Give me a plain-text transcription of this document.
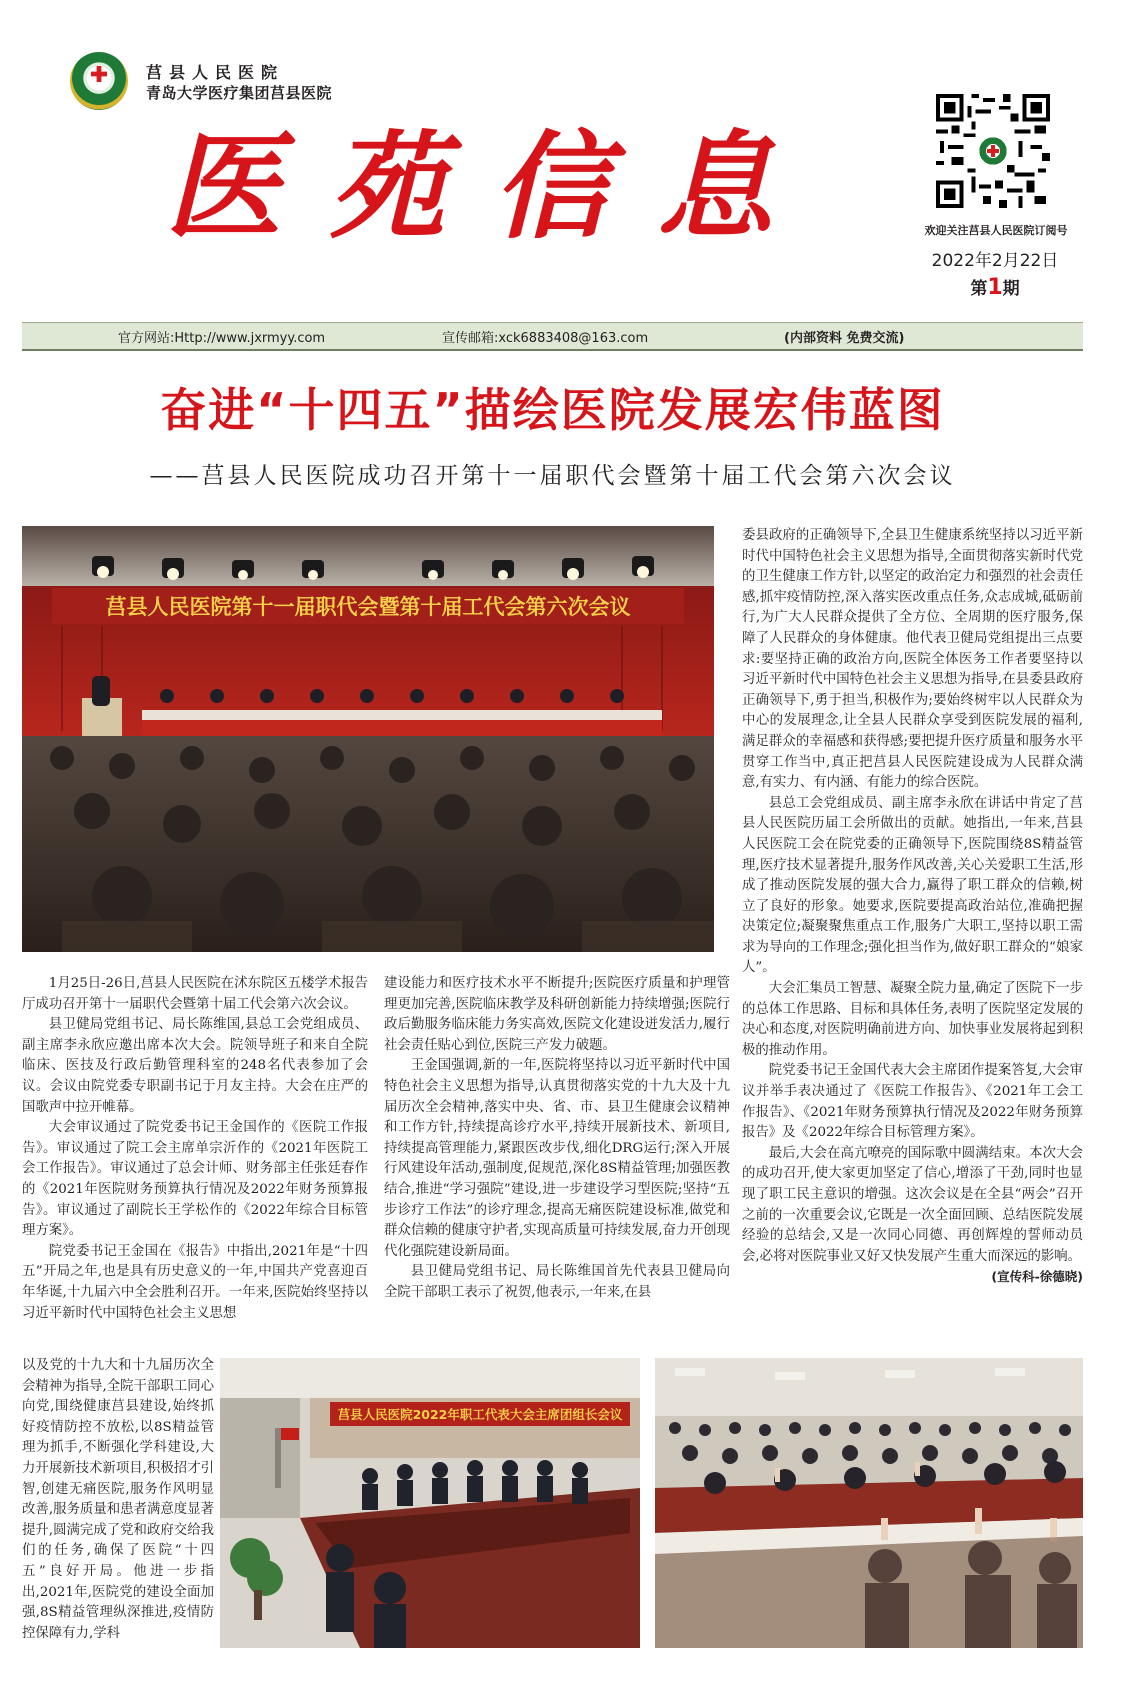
莒县人民医院
青岛大学医疗集团莒县医院
医苑信息	欢迎关注莒县人民医院订阅号
2022年2月22日
第1期
官方网站:Http://www.jxrmyy.com	宣传邮箱:xck6883408@163.com	(内部资料 免费交流)
奋进“十四五”描绘医院发展宏伟蓝图
——莒县人民医院成功召开第十一届职代会暨第十届工代会第六次会议
莒县人民医院第十一届职代会暨第十届工代会第六次会议

委县政府的正确领导下,全县卫生健康系统坚持以习近平新时代中国特色社会主义思想为指导,全面贯彻落实新时代党的卫生健康工作方针,以坚定的政治定力和强烈的社会责任感,抓牢疫情防控,深入落实医改重点任务,众志成城,砥砺前行,为广大人民群众提供了全方位、全周期的医疗服务,保障了人民群众的身体健康。他代表卫健局党组提出三点要求:要坚持正确的政治方向,医院全体医务工作者要坚持以习近平新时代中国特色社会主义思想为指导,在县委县政府正确领导下,勇于担当,积极作为;要始终树牢以人民群众为中心的发展理念,让全县人民群众享受到医院发展的福利,满足群众的幸福感和获得感;要把提升医疗质量和服务水平贯穿工作当中,真正把莒县人民医院建设成为人民群众满意,有实力、有内涵、有能力的综合医院。

县总工会党组成员、副主席李永欣在讲话中肯定了莒县人民医院历届工会所做出的贡献。她指出,一年来,莒县人民医院工会在院党委的正确领导下,医院围绕8S精益管理,医疗技术显著提升,服务作风改善,关心关爱职工生活,形成了推动医院发展的强大合力,赢得了职工群众的信赖,树立了良好的形象。她要求,医院要提高政治站位,准确把握决策定位;凝聚聚焦重点工作,服务广大职工,坚持以职工需求为导向的工作理念;强化担当作为,做好职工群众的“娘家人”。

大会汇集员工智慧、凝聚全院力量,确定了医院下一步的总体工作思路、目标和具体任务,表明了医院坚定发展的决心和态度,对医院明确前进方向、加快事业发展将起到积极的推动作用。

院党委书记王金国代表大会主席团作提案答复,大会审议并举手表决通过了《医院工作报告》、《2021年工会工作报告》、《2021年财务预算执行情况及2022年财务预算报告》及《2022年综合目标管理方案》。

最后,大会在高亢嘹亮的国际歌中圆满结束。本次大会的成功召开,使大家更加坚定了信心,增添了干劲,同时也显现了职工民主意识的增强。这次会议是在全县“两会”召开之前的一次重要会议,它既是一次全面回顾、总结医院发展经验的总结会,又是一次同心同德、再创辉煌的誓师动员会,必将对医院事业又好又快发展产生重大而深远的影响。

(宣传科-徐德晓)

1月25日-26日,莒县人民医院在沭东院区五楼学术报告厅成功召开第十一届职代会暨第十届工代会第六次会议。

县卫健局党组书记、局长陈维国,县总工会党组成员、副主席李永欣应邀出席本次大会。院领导班子和来自全院临床、医技及行政后勤管理科室的248名代表参加了会议。会议由院党委专职副书记于月友主持。大会在庄严的国歌声中拉开帷幕。

大会审议通过了院党委书记王金国作的《医院工作报告》。审议通过了院工会主席单宗沂作的《2021年医院工会工作报告》。审议通过了总会计师、财务部主任张廷春作的《2021年医院财务预算执行情况及2022年财务预算报告》。审议通过了副院长王学松作的《2022年综合目标管理方案》。

院党委书记王金国在《报告》中指出,2021年是“十四五”开局之年,也是具有历史意义的一年,中国共产党喜迎百年华诞,十九届六中全会胜利召开。一年来,医院始终坚持以习近平新时代中国特色社会主义思想

建设能力和医疗技术水平不断提升;医院医疗质量和护理管理更加完善,医院临床教学及科研创新能力持续增强;医院行政后勤服务临床能力务实高效,医院文化建设迸发活力,履行社会责任贴心到位,医院三产发力破题。

王金国强调,新的一年,医院将坚持以习近平新时代中国特色社会主义思想为指导,认真贯彻落实党的十九大及十九届历次全会精神,落实中央、省、市、县卫生健康会议精神和工作方针,持续提高诊疗水平,持续开展新技术、新项目,持续提高管理能力,紧跟医改步伐,细化DRG运行;深入开展行风建设年活动,强制度,促规范,深化8S精益管理;加强医教结合,推进“学习强院”建设,进一步建设学习型医院;坚持“五步诊疗工作法”的诊疗理念,提高无痛医院建设标准,做党和群众信赖的健康守护者,实现高质量可持续发展,奋力开创现代化强院建设新局面。

县卫健局党组书记、局长陈维国首先代表县卫健局向全院干部职工表示了祝贺,他表示,一年来,在县

以及党的十九大和十九届历次全会精神为指导,全院干部职工同心向党,围绕健康莒县建设,始终抓好疫情防控不放松,以8S精益管理为抓手,不断强化学科建设,大力开展新技术新项目,积极招才引智,创建无痛医院,服务作风明显改善,服务质量和患者满意度显著提升,圆满完成了党和政府交给我们的任务,确保了医院“十四五”良好开局。他进一步指出,2021年,医院党的建设全面加强,8S精益管理纵深推进,疫情防控保障有力,学科

莒县人民医院2022年职工代表大会主席团组长会议
